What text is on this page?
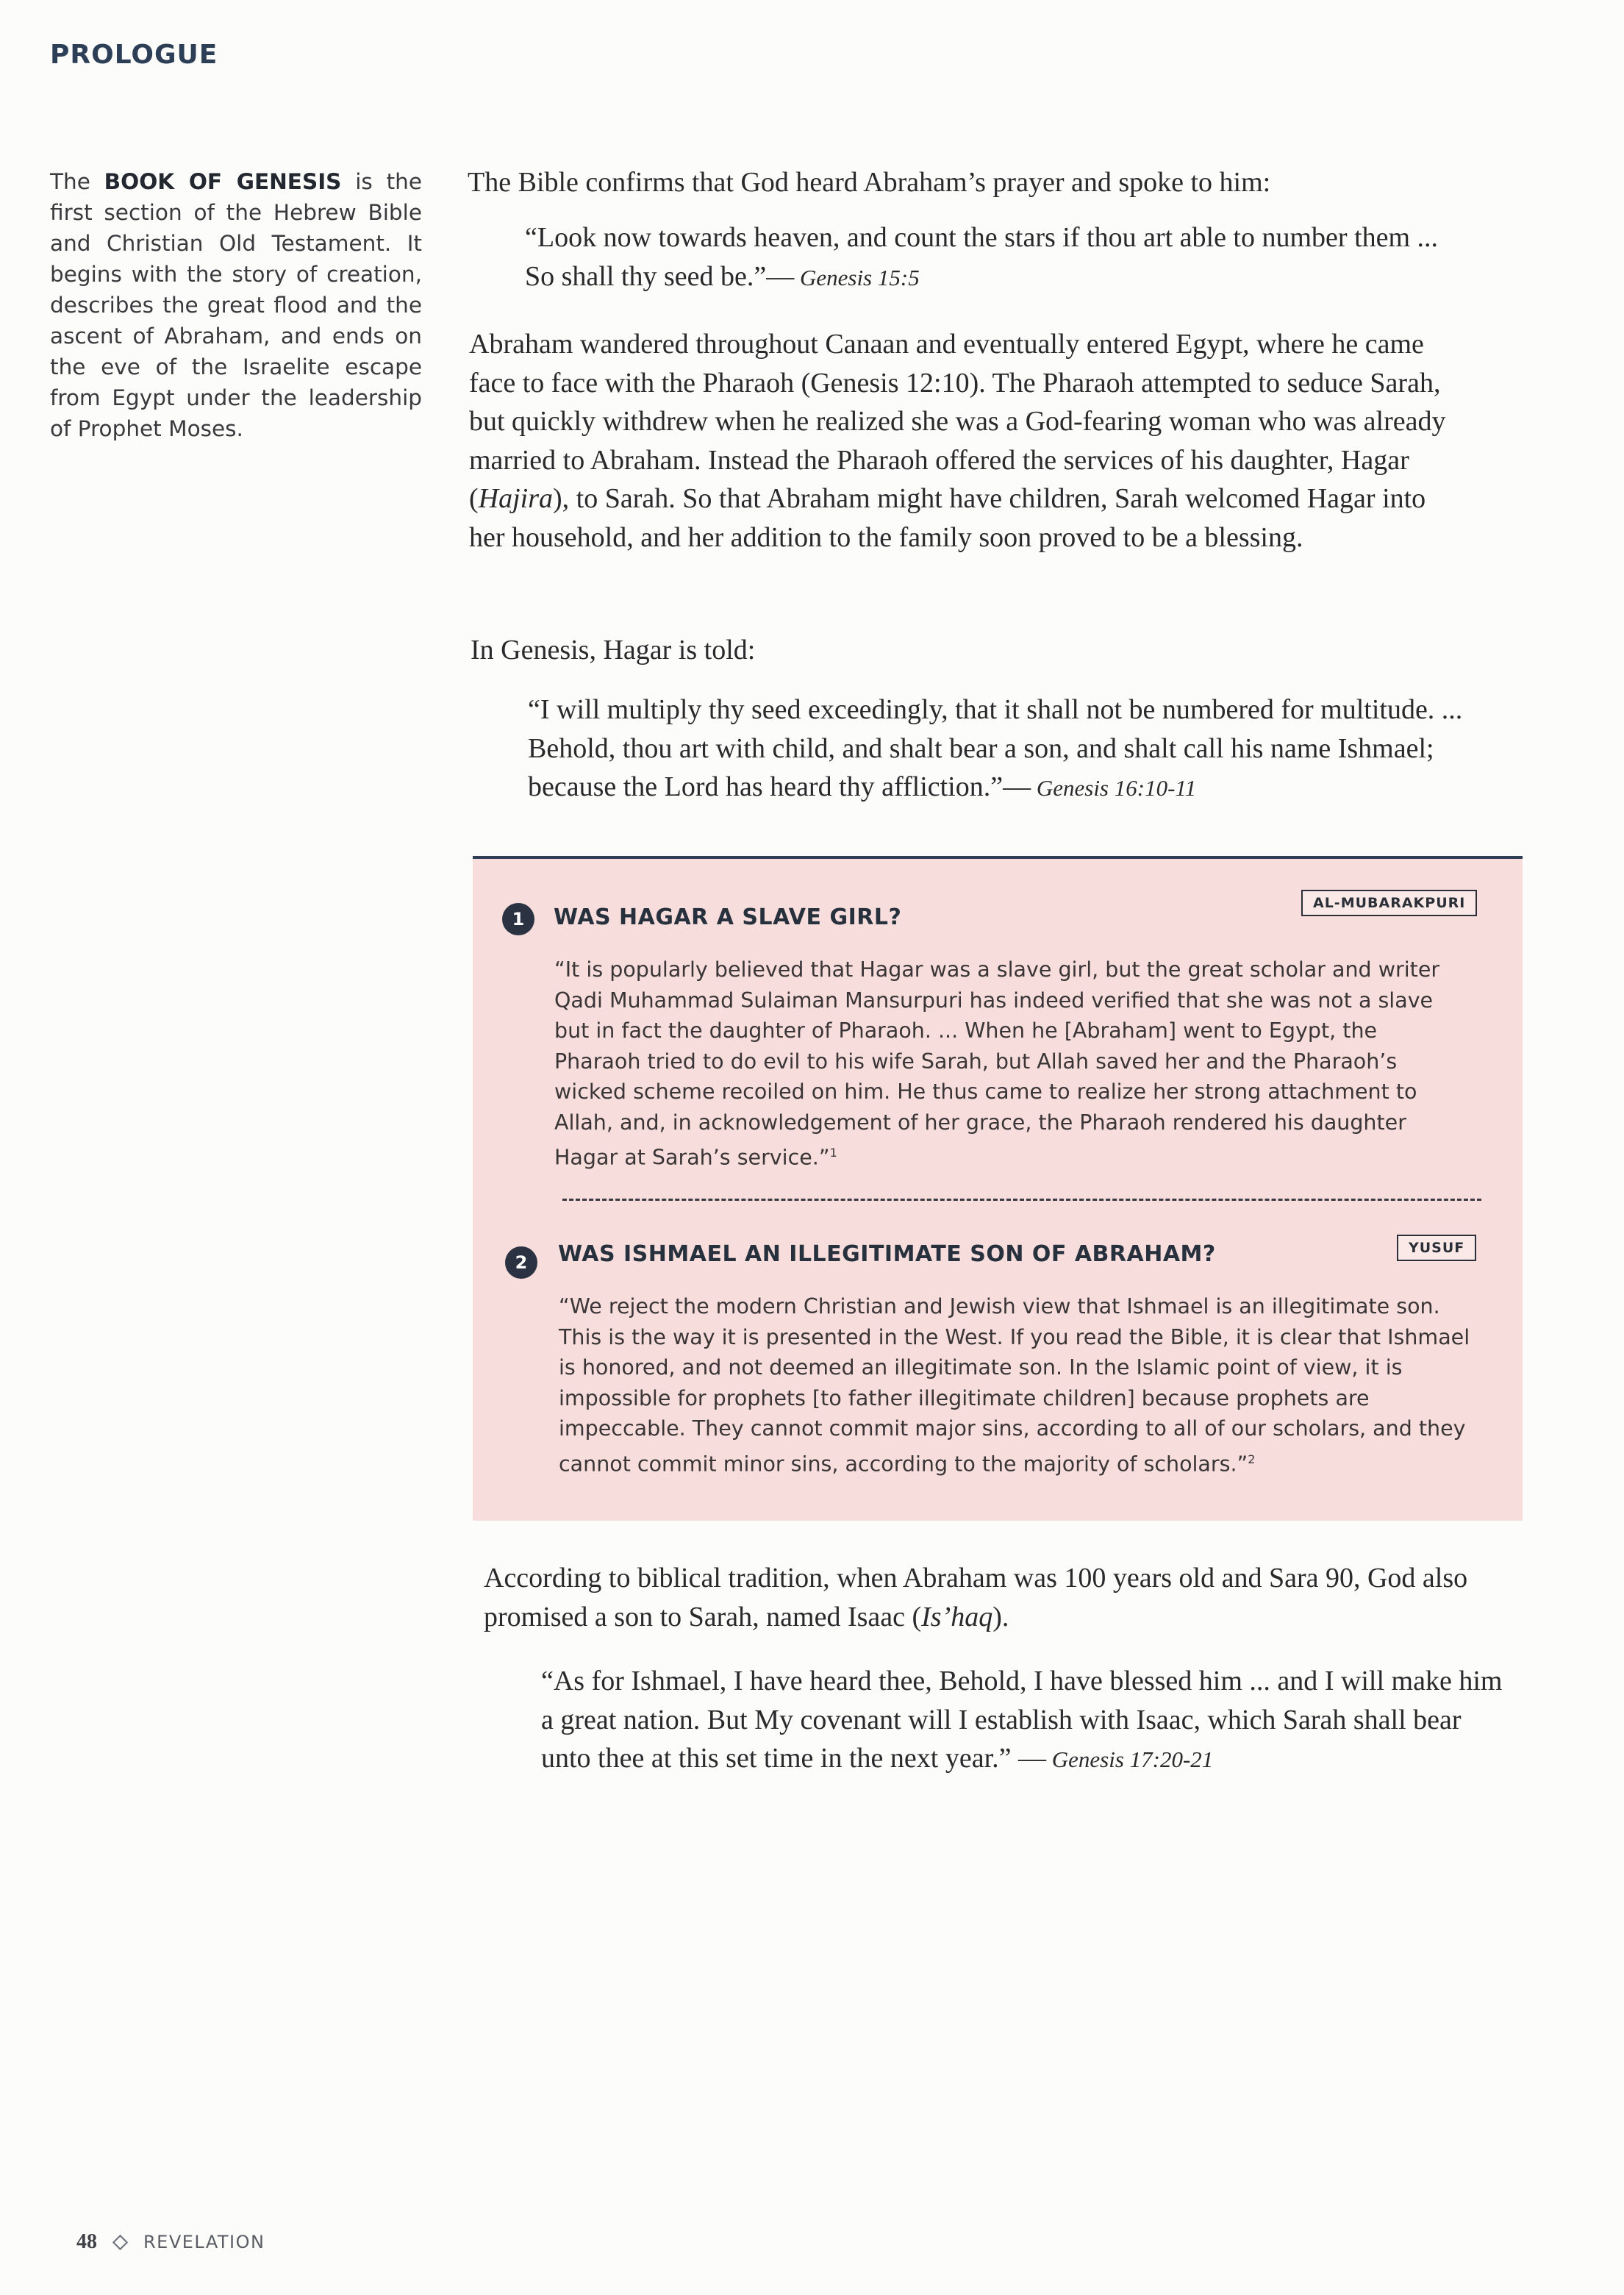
PROLOGUE
The BOOK OF GENESIS is the first section of the Hebrew Bible and Christian Old Testament. It begins with the story of creation, describes the great flood and the ascent of Abraham, and ends on the eve of the Israelite escape from Egypt under the leadership of Prophet Moses.
The Bible confirms that God heard Abraham’s prayer and spoke to him:
“Look now towards heaven, and count the stars if thou art able to number them ... So shall thy seed be.”— Genesis 15:5
Abraham wandered throughout Canaan and eventually entered Egypt, where he came face to face with the Pharaoh (Genesis 12:10). The Pharaoh attempted to seduce Sarah, but quickly withdrew when he realized she was a God-fearing woman who was already married to Abraham. Instead the Pharaoh offered the services of his daughter, Hagar (Hajira), to Sarah. So that Abraham might have children, Sarah welcomed Hagar into her household, and her addition to the family soon proved to be a blessing.
In Genesis, Hagar is told:
“I will multiply thy seed exceedingly, that it shall not be numbered for multitude. ... Behold, thou art with child, and shalt bear a son, and shalt call his name Ishmael; because the Lord has heard thy affliction.”— Genesis 16:10-11
1	WAS HAGAR A SLAVE GIRL?
AL-MUBARAKPURI
“It is popularly believed that Hagar was a slave girl, but the great scholar and writer Qadi Muhammad Sulaiman Mansurpuri has indeed verified that she was not a slave but in fact the daughter of Pharaoh. ... When he [Abraham] went to Egypt, the Pharaoh tried to do evil to his wife Sarah, but Allah saved her and the Pharaoh’s wicked scheme recoiled on him. He thus came to realize her strong attachment to Allah, and, in acknowledgement of her grace, the Pharaoh rendered his daughter Hagar at Sarah’s service.”$^1$
2	WAS ISHMAEL AN ILLEGITIMATE SON OF ABRAHAM?	YUSUF
“We reject the modern Christian and Jewish view that Ishmael is an illegitimate son. This is the way it is presented in the West. If you read the Bible, it is clear that Ishmael is honored, and not deemed an illegitimate son. In the Islamic point of view, it is impossible for prophets [to father illegitimate children] because prophets are impeccable. They cannot commit major sins, according to all of our scholars, and they cannot commit minor sins, according to the majority of scholars.”$^2$
According to biblical tradition, when Abraham was 100 years old and Sara 90, God also promised a son to Sarah, named Isaac (Is’haq).
“As for Ishmael, I have heard thee, Behold, I have blessed him ... and I will make him a great nation. But My covenant will I establish with Isaac, which Sarah shall bear unto thee at this set time in the next year.” — Genesis 17:20-21
48	REVELATION
